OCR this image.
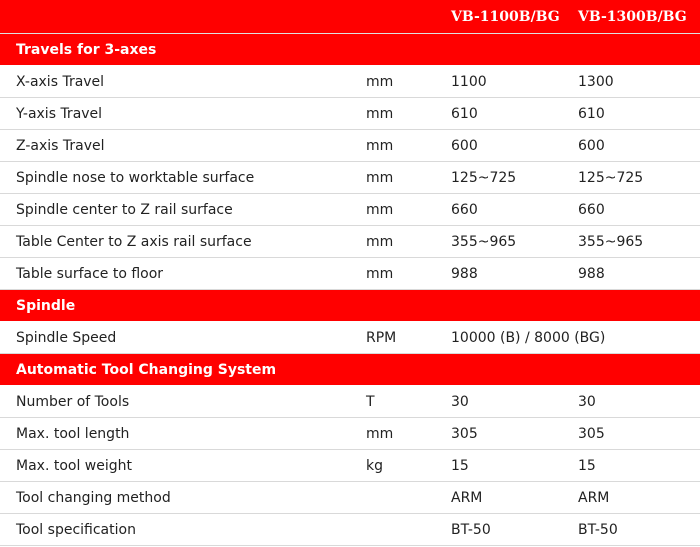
		VB-1100B/BG	VB-1300B/BG
Travels for 3-axes			
X-axis Travel	mm	1100	1300
Y-axis Travel	mm	610	610
Z-axis Travel	mm	600	600
Spindle nose to worktable surface	mm	125~725	125~725
Spindle center to Z rail surface	mm	660	660
Table Center to Z axis rail surface	mm	355~965	355~965
Table surface to floor	mm	988	988
Spindle			
Spindle Speed	RPM	10000 (B) / 8000 (BG)	
Automatic Tool Changing System			
Number of Tools	T	30	30
Max. tool length	mm	305	305
Max. tool weight	kg	15	15
Tool changing method		ARM	ARM
Tool specification		BT-50	BT-50
